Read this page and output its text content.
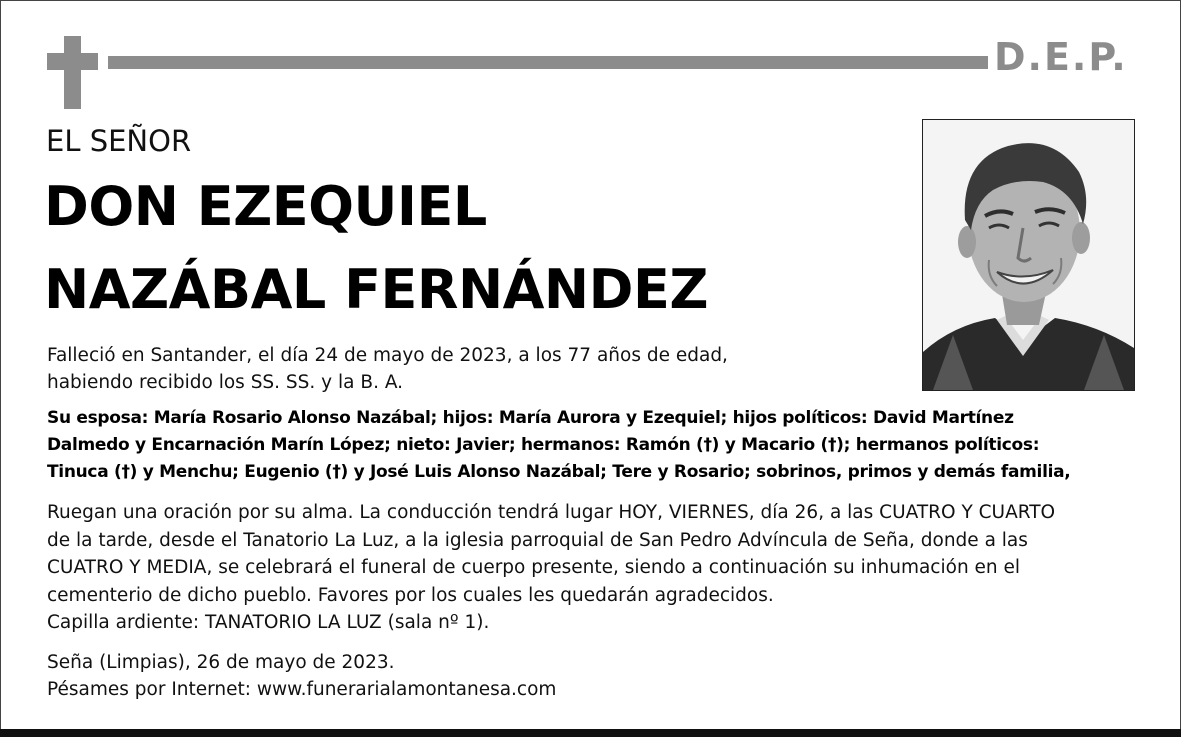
D.E.P.
EL SEÑOR
DON EZEQUIEL
NAZÁBAL FERNÁNDEZ
Falleció en Santander, el día 24 de mayo de 2023, a los 77 años de edad,
habiendo recibido los SS. SS. y la B. A.
Su esposa: María Rosario Alonso Nazábal; hijos: María Aurora y Ezequiel; hijos políticos: David Martínez
Dalmedo y Encarnación Marín López; nieto: Javier; hermanos: Ramón (†) y Macario (†); hermanos políticos:
Tinuca (†) y Menchu; Eugenio (†) y José Luis Alonso Nazábal; Tere y Rosario; sobrinos, primos y demás familia,
Ruegan una oración por su alma. La conducción tendrá lugar HOY, VIERNES, día 26, a las CUATRO Y CUARTO
de la tarde, desde el Tanatorio La Luz, a la iglesia parroquial de San Pedro Advíncula de Seña, donde a las
CUATRO Y MEDIA, se celebrará el funeral de cuerpo presente, siendo a continuación su inhumación en el
cementerio de dicho pueblo. Favores por los cuales les quedarán agradecidos.
Capilla ardiente: TANATORIO LA LUZ (sala nº 1).
Seña (Limpias), 26 de mayo de 2023.
Pésames por Internet: www.funerarialamontanesa.com
